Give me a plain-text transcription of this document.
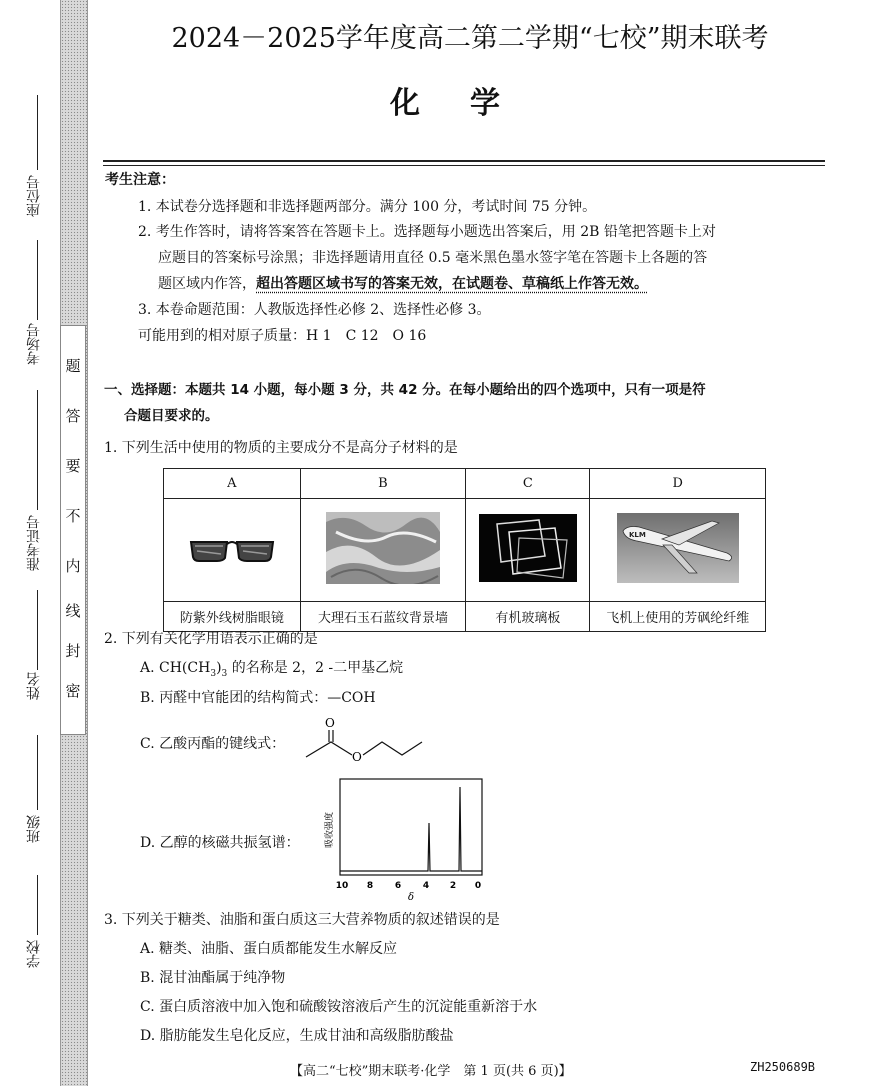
题
答
要
不
内
线
封
密
座位号
考场号
准考证号
姓名
班级
学校
2024－2025学年度高二第二学期“七校”期末联考
化学
考生注意：
1. 本试卷分选择题和非选择题两部分。满分 100 分，考试时间 75 分钟。
2. 考生作答时，请将答案答在答题卡上。选择题每小题选出答案后，用 2B 铅笔把答题卡上对
应题目的答案标号涂黑；非选择题请用直径 0.5 毫米黑色墨水签字笔在答题卡上各题的答
题区域内作答，超出答题区域书写的答案无效，在试题卷、草稿纸上作答无效。
3. 本卷命题范围：人教版选择性必修 2、选择性必修 3。
可能用到的相对原子质量：H 1　C 12　O 16
一、选择题：本题共 14 小题，每小题 3 分，共 42 分。在每小题给出的四个选项中，只有一项是符
合题目要求的。
1. 下列生活中使用的物质的主要成分不是高分子材料的是
A	B	C	D

KLM

防紫外线树脂眼镜	大理石玉石蓝纹背景墙	有机玻璃板	飞机上使用的芳砜纶纤维
2. 下列有关化学用语表示正确的是
A. $CH(CH_3)_3$ 的名称是 2，2 -二甲基乙烷
B. 丙醛中官能团的结构简式：—COH
C. 乙酸丙酯的键线式：
O
O
D. 乙醇的核磁共振氢谱：	吸收强度
10 8 6 4 2 0
δ
3. 下列关于糖类、油脂和蛋白质这三大营养物质的叙述错误的是
A. 糖类、油脂、蛋白质都能发生水解反应
B. 混甘油酯属于纯净物
C. 蛋白质溶液中加入饱和硫酸铵溶液后产生的沉淀能重新溶于水
D. 脂肪能发生皂化反应，生成甘油和高级脂肪酸盐
【高二“七校”期末联考·化学　第 1 页(共 6 页)】	ZH250689B
